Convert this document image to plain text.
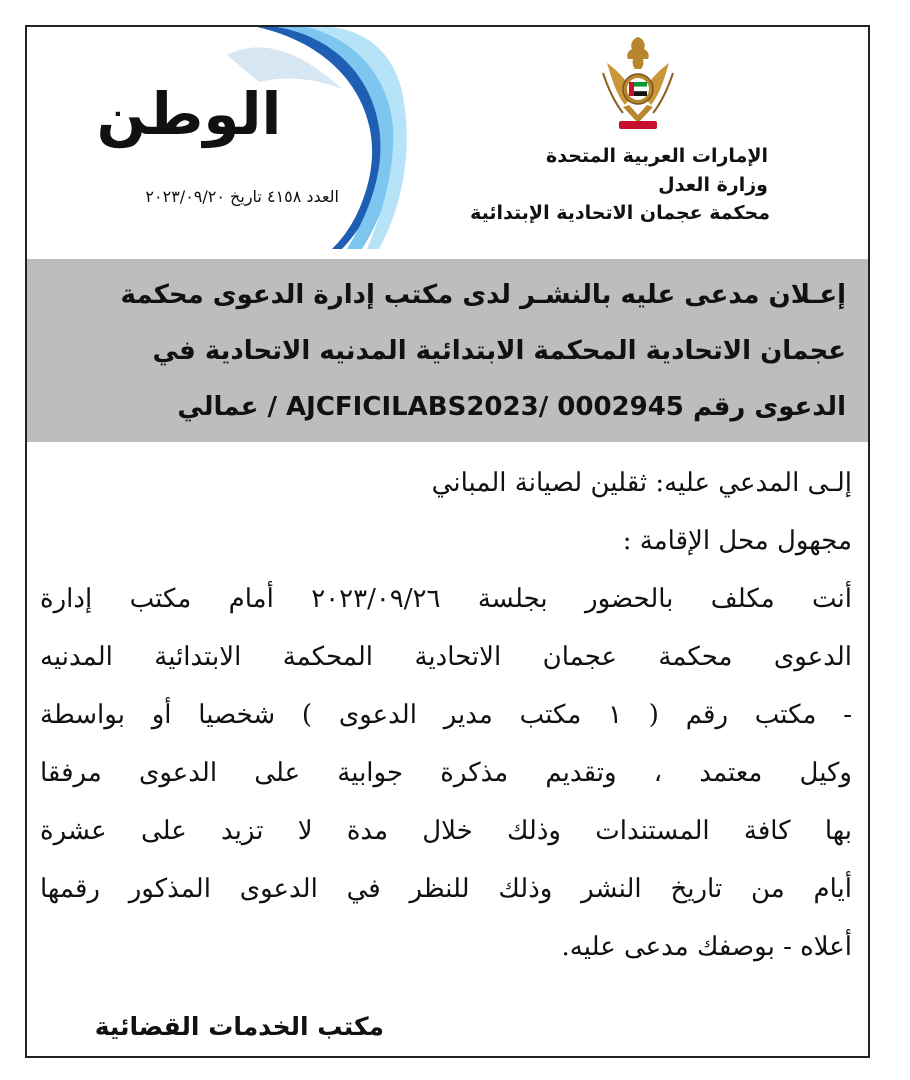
الإمارات العربية المتحدة
وزارة العدل
محكمة عجمان الاتحادية الإبتدائية
الوطن
العدد ٤١٥٨ تاريخ ٢٠٢٣/٠٩/٢٠
إعـلان مدعى عليه بالنشـر لدى مكتب إدارة الدعوى محكمة
عجمان الاتحادية المحكمة الابتدائية المدنيه الاتحادية في
الدعوى رقم AJCFICILABS2023/ 0002945 / عمالي
إلـى المدعي عليه: ثقلين لصيانة المباني
مجهول محل الإقامة :
أنت مكلف بالحضور بجلسة ٢٠٢٣/٠٩/٢٦ أمام مكتب إدارة
الدعوى محكمة عجمان الاتحادية المحكمة الابتدائية المدنيه
- مكتب رقم ( ١ مكتب مدير الدعوى ) شخصيا أو بواسطة
وكيل معتمد ، وتقديم مذكرة جوابية على الدعوى مرفقا
بها كافة المستندات وذلك خلال مدة لا تزيد على عشرة
أيام من تاريخ النشر وذلك للنظر في الدعوى المذكور رقمها
أعلاه - بوصفك مدعى عليه.
مكتب الخدمات القضائية
